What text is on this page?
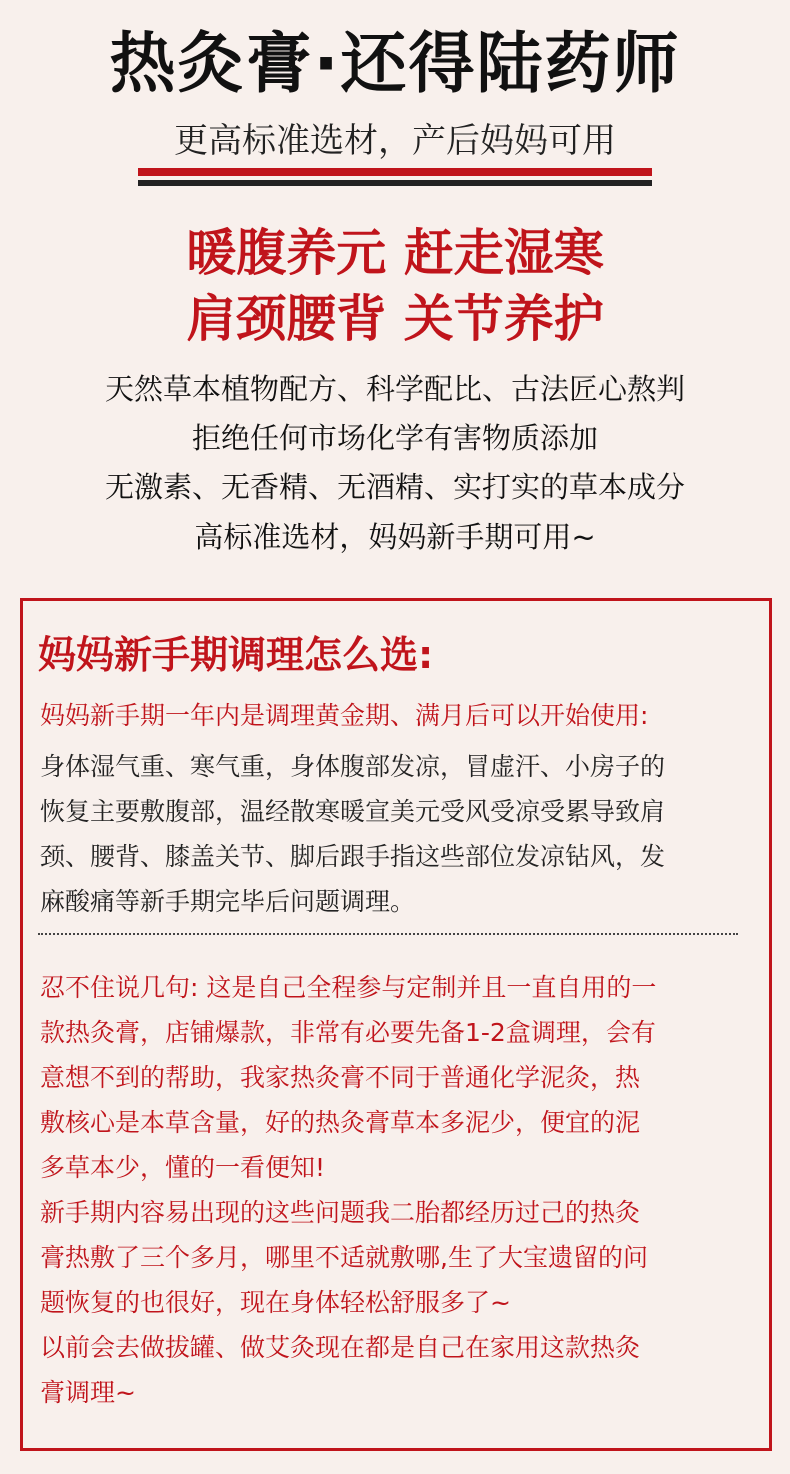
热灸膏·还得陆药师
更高标准选材，产后妈妈可用
暖腹养元 赶走湿寒
肩颈腰背 关节养护
天然草本植物配方、科学配比、古法匠心熬判
拒绝任何市场化学有害物质添加
无激素、无香精、无酒精、实打实的草本成分
高标准选材，妈妈新手期可用~
妈妈新手期调理怎么选:
妈妈新手期一年内是调理黄金期、满月后可以开始使用:
身体湿气重、寒气重，身体腹部发凉，冒虚汗、小房子的
恢复主要敷腹部，温经散寒暖宣美元受风受凉受累导致肩
颈、腰背、膝盖关节、脚后跟手指这些部位发凉钻风，发
麻酸痛等新手期完毕后问题调理。
忍不住说几句: 这是自己全程参与定制并且一直自用的一
款热灸膏，店铺爆款，非常有必要先备1-2盒调理，会有
意想不到的帮助，我家热灸膏不同于普通化学泥灸，热
敷核心是本草含量，好的热灸膏草本多泥少，便宜的泥
多草本少，懂的一看便知!
新手期内容易出现的这些问题我二胎都经历过己的热灸
膏热敷了三个多月，哪里不适就敷哪,生了大宝遗留的问
题恢复的也很好，现在身体轻松舒服多了~
以前会去做拔罐、做艾灸现在都是自己在家用这款热灸
膏调理~
